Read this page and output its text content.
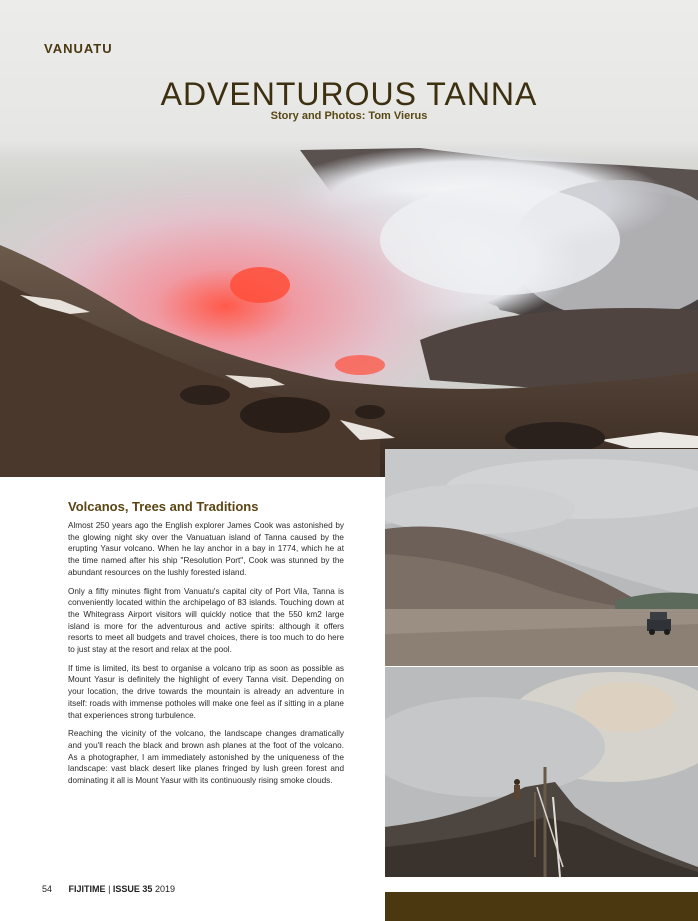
VANUATU
ADVENTUROUS TANNA
Story and Photos: Tom Vierus
Volcanos, Trees and Traditions

Almost 250 years ago the English explorer James Cook was astonished by the glowing night sky over the Vanuatuan island of Tanna caused by the erupting Yasur volcano. When he lay anchor in a bay in 1774, which he at the time named after his ship "Resolution Port", Cook was stunned by the abundant resources on the lushly forested island.

Only a fifty minutes flight from Vanuatu's capital city of Port Vila, Tanna is conveniently located within the archipelago of 83 islands. Touching down at the Whitegrass Airport visitors will quickly notice that the 550 km2 large island is more for the adventurous and active spirits: although it offers resorts to meet all budgets and travel choices, there is too much to do here to just stay at the resort and relax at the pool.

If time is limited, its best to organise a volcano trip as soon as possible as Mount Yasur is definitely the highlight of every Tanna visit. Depending on your location, the drive towards the mountain is already an adventure in itself: roads with immense potholes will make one feel as if sitting in a plane that experiences strong turbulence.

Reaching the vicinity of the volcano, the landscape changes dramatically and you'll reach the black and brown ash planes at the foot of the volcano. As a photographer, I am immediately astonished by the uniqueness of the landscape: vast black desert like planes fringed by lush green forest and dominating it all is Mount Yasur with its continuously rising smoke clouds.

54 FIJITIME | ISSUE 35 2019
